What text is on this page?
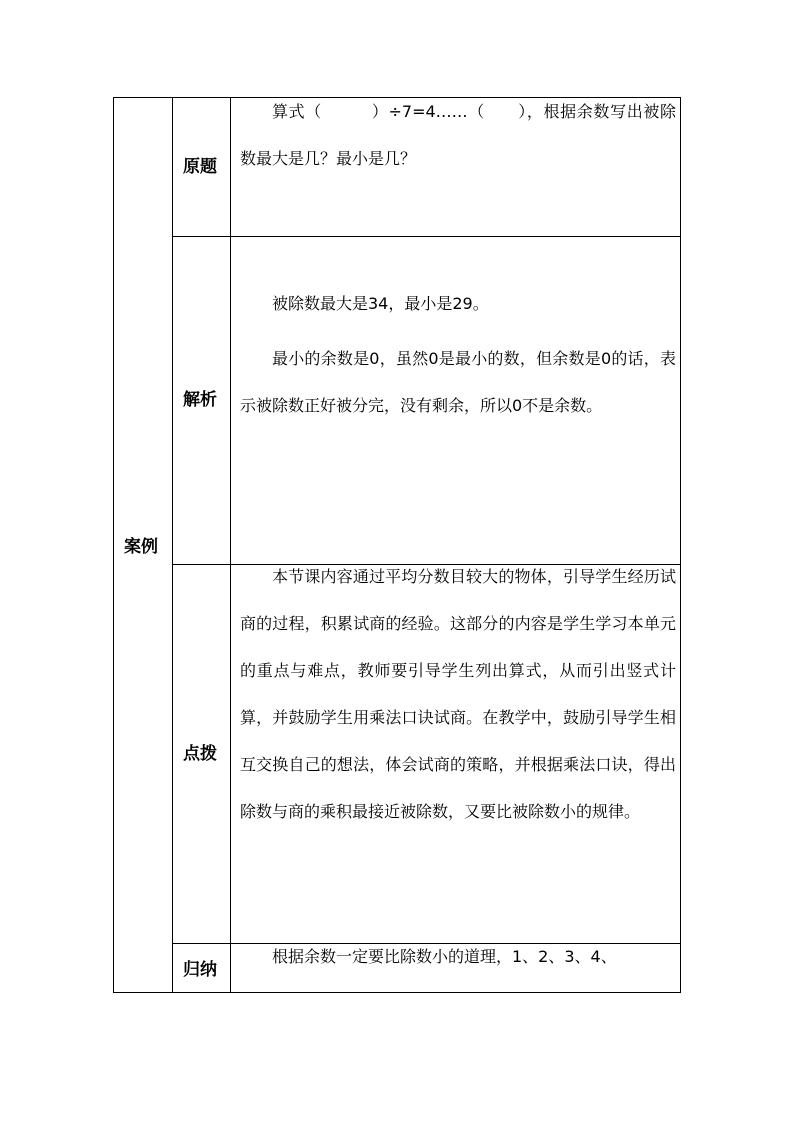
案例
原题

算式（　　　）÷7=4……（　　），根据余数写出被除数最大是几？最小是几？

解析

被除数最大是34，最小是29。

最小的余数是0，虽然0是最小的数，但余数是0的话，表示被除数正好被分完，没有剩余，所以0不是余数。

点拨

本节课内容通过平均分数目较大的物体，引导学生经历试商的过程，积累试商的经验。这部分的内容是学生学习本单元的重点与难点，教师要引导学生列出算式，从而引出竖式计算，并鼓励学生用乘法口诀试商。在教学中，鼓励引导学生相互交换自己的想法，体会试商的策略，并根据乘法口诀，得出除数与商的乘积最接近被除数，又要比被除数小的规律。

归纳

根据余数一定要比除数小的道理，1、2、3、4、
